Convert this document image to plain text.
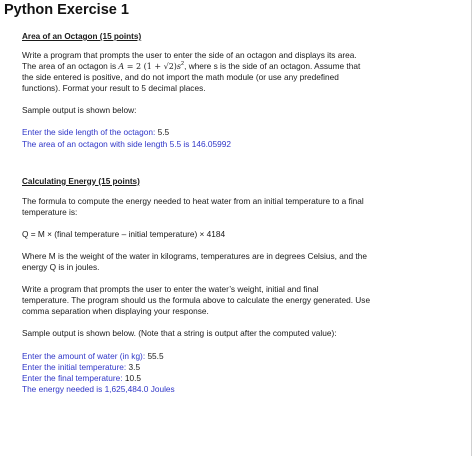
Python Exercise 1
Area of an Octagon (15 points)

Write a program that prompts the user to enter the side of an octagon and displays its area.

The area of an octagon is A = 2 $(1 + √2)s^2$, where s is the side of an octagon. Assume that

the side entered is positive, and do not import the math module (or use any predefined

functions). Format your result to 5 decimal places.

Sample output is shown below:

Enter the side length of the octagon: 5.5

The area of an octagon with side length 5.5 is 146.05992

Calculating Energy (15 points)

The formula to compute the energy needed to heat water from an initial temperature to a final

temperature is:

Q = M × (final temperature – initial temperature) × 4184

Where M is the weight of the water in kilograms, temperatures are in degrees Celsius, and the

energy Q is in joules.

Write a program that prompts the user to enter the water’s weight, initial and final

temperature. The program should us the formula above to calculate the energy generated. Use

comma separation when displaying your response.

Sample output is shown below. (Note that a string is output after the computed value):

Enter the amount of water (in kg): 55.5

Enter the initial temperature: 3.5

Enter the final temperature: 10.5

The energy needed is 1,625,484.0 Joules
